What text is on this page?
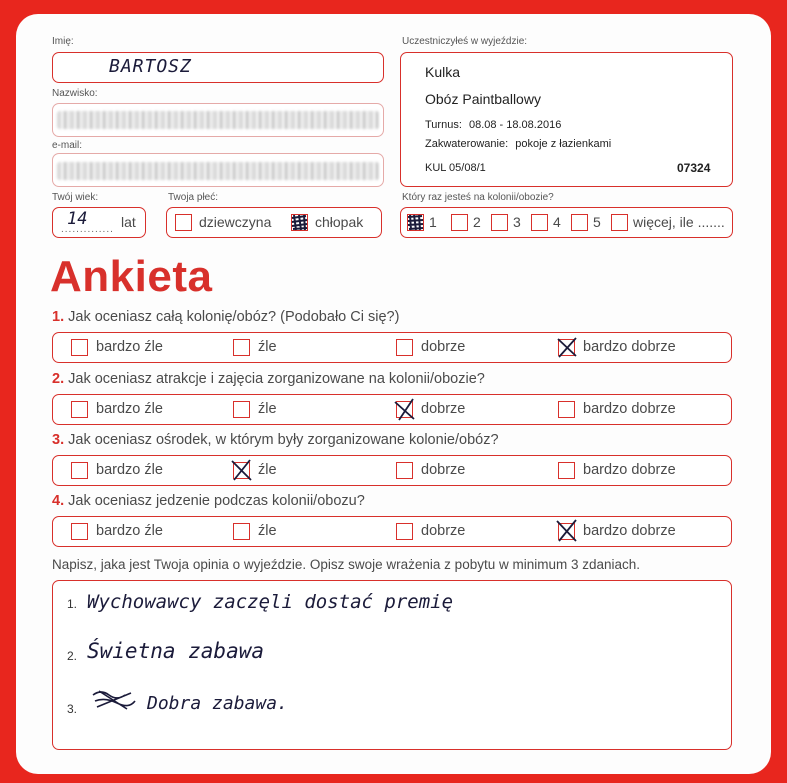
Imię:
BARTOSZ
Nazwisko:
e-mail:
Twój wiek:
..............
14 lat
Twoja płeć:
dziewczyna	chłopak
Uczestniczyłeś w wyjeździe:
Kulka
Obóz Paintballowy
Turnus: 08.08 - 18.08.2016
Zakwaterowanie: pokoje z łazienkami
KUL 05/08/1	07324
Który raz jesteś na kolonii/obozie?
1	2 3 4 5 więcej, ile .......
Ankieta
1. Jak oceniasz całą kolonię/obóz? (Podobało Ci się?)
bardzo źle	źle	dobrze	bardzo dobrze
2. Jak oceniasz atrakcje i zajęcia zorganizowane na kolonii/obozie?
bardzo źle	źle	dobrze	bardzo dobrze
3. Jak oceniasz ośrodek, w którym były zorganizowane kolonie/obóz?
bardzo źle	źle	dobrze	bardzo dobrze
4. Jak oceniasz jedzenie podczas kolonii/obozu?
bardzo źle	źle	dobrze	bardzo dobrze
Napisz, jaka jest Twoja opinia o wyjeździe. Opisz swoje wrażenia z pobytu w minimum 3 zdaniach.
1. Wychowawcy zaczęli dostać premię
2. Świetna zabawa
3.	Dobra zabawa.
